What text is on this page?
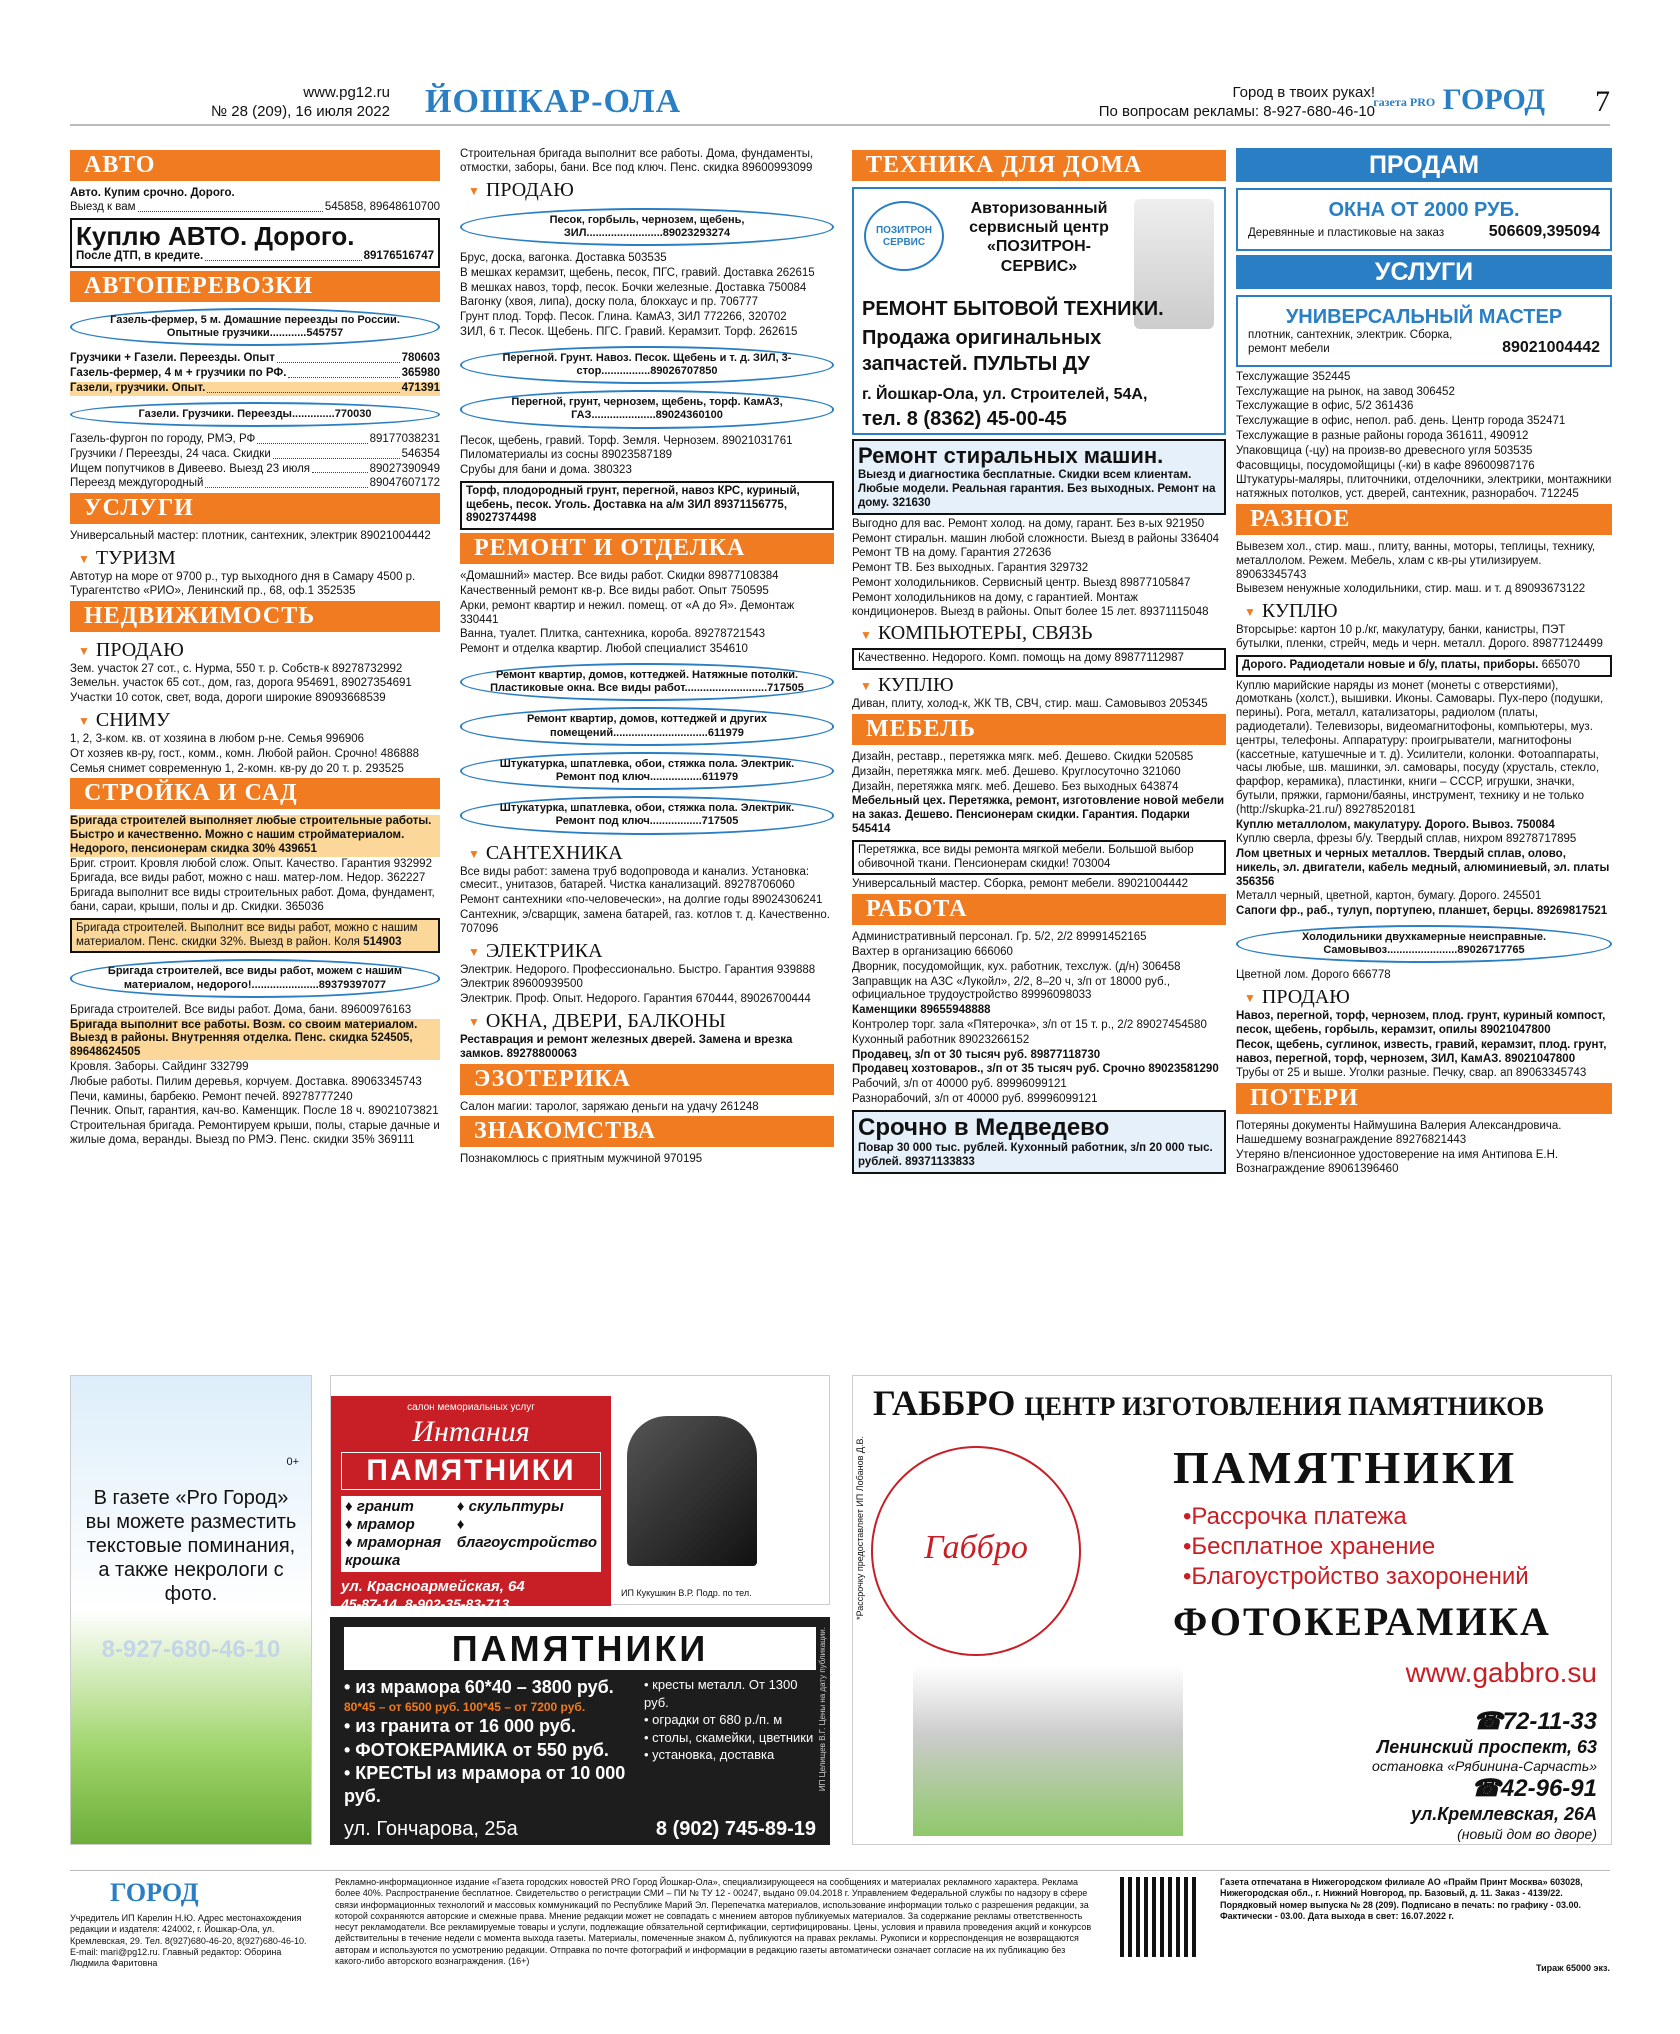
www.pg12.ru
№ 28 (209), 16 июля 2022 ЙОШКАР-ОЛА	Город в твоих руках!
По вопросам рекламы: 8-927-680-46-10
газета PRO ГОРОД 7
АВТО
Авто. Купим срочно. Дорого.
Выезд к вам	545858, 89648610700
Куплю АВТО. Дорого.
После ДТП, в кредите.	89176516747
АВТОПЕРЕВОЗКИ
Газель-фермер, 5 м. Домашние переезды по России. Опытные грузчики............545757
Грузчики + Газели. Переезды. Опыт	780603
Газель-фермер, 4 м + грузчики по РФ.	365980
Газели, грузчики. Опыт.	471391
Газели. Грузчики. Переезды..............770030
Газель-фургон по городу, РМЭ, РФ	89177038231
Грузчики / Переезды, 24 часа. Скидки	546354
Ищем попутчиков в Дивеево. Выезд 23 июля	89027390949
Переезд междугородный	89047607172
УСЛУГИ
Универсальный мастер: плотник, сантехник, электрик 89021004442
▼ ТУРИЗМ
Автотур на море от 9700 р., тур выходного дня в Самару 4500 р. Турагентство «РИО», Ленинский пр., 68, оф.1 352535
НЕДВИЖИМОСТЬ
▼ ПРОДАЮ
Зем. участок 27 сот., с. Нурма, 550 т. р. Собств-к 89278732992
Земельн. участок 65 сот., дом, газ, дорога 954691, 89027354691
Участки 10 соток, свет, вода, дороги широкие 89093668539
▼ СНИМУ
1, 2, 3-ком. кв. от хозяина в любом р-не. Семья 996906
От хозяев кв-ру, гост., комм., комн. Любой район. Срочно! 486888
Семья снимет современную 1, 2-комн. кв-ру до 20 т. р. 293525
СТРОЙКА И САД
Бригада строителей выполняет любые строительные работы. Быстро и качественно. Можно с нашим стройматериалом. Недорого, пенсионерам скидка 30% 439651
Бриг. строит. Кровля любой слож. Опыт. Качество. Гарантия 932992
Бригада, все виды работ, можно с наш. матер-лом. Недор. 362227
Бригада выполнит все виды строительных работ. Дома, фундамент, бани, сараи, крыши, полы и др. Скидки. 365036
Бригада строителей. Выполнит все виды работ, можно с нашим материалом. Пенс. скидки 32%. Выезд в район. Коля 514903
Бригада строителей, все виды работ, можем с нашим материалом, недорого!......................89379397077
Бригада строителей. Все виды работ. Дома, бани. 89600976163
Бригада выполнит все работы. Возм. со своим материалом. Выезд в районы. Внутренняя отделка. Пенс. скидка 524505, 89648624505
Кровля. Заборы. Сайдинг 332799
Любые работы. Пилим деревья, корчуем. Доставка. 89063345743
Печи, камины, барбекю. Ремонт печей. 89278777240
Печник. Опыт, гарантия, кач-во. Каменщик. После 18 ч. 89021073821
Строительная бригада. Ремонтируем крыши, полы, старые дачные и жилые дома, веранды. Выезд по РМЭ. Пенс. скидки 35% 369111
Строительная бригада выполнит все работы. Дома, фундаменты, отмостки, заборы, бани. Все под ключ. Пенс. скидка 89600993099
▼ ПРОДАЮ
Песок, горбыль, чернозем, щебень, ЗИЛ.........................89023293274
Брус, доска, вагонка. Доставка 503535
В мешках керамзит, щебень, песок, ПГС, гравий. Доставка 262615
В мешках навоз, торф, песок. Бочки железные. Доставка 750084
Вагонку (хвоя, липа), доску пола, блокхаус и пр. 706777
Грунт плод. Торф. Песок. Глина. КамАЗ, ЗИЛ 772266, 320702
ЗИЛ, 6 т. Песок. Щебень. ПГС. Гравий. Керамзит. Торф. 262615
Перегной. Грунт. Навоз. Песок. Щебень и т. д. ЗИЛ, 3-стор................89026707850
Перегной, грунт, чернозем, щебень, торф. КамАЗ, ГАЗ.....................89024360100
Песок, щебень, гравий. Торф. Земля. Чернозем. 89021031761
Пиломатериалы из сосны 89023587189
Срубы для бани и дома. 380323
Торф, плодородный грунт, перегной, навоз КРС, куриный, щебень, песок. Уголь. Доставка на а/м ЗИЛ 89371156775, 89027374498
РЕМОНТ И ОТДЕЛКА
«Домашний» мастер. Все виды работ. Скидки 89877108384
Качественный ремонт кв-р. Все виды работ. Опыт 750595
Арки, ремонт квартир и нежил. помещ. от «А до Я». Демонтаж 330441
Ванна, туалет. Плитка, сантехника, короба. 89278721543
Ремонт и отделка квартир. Любой специалист 354610
Ремонт квартир, домов, коттеджей. Натяжные потолки. Пластиковые окна. Все виды работ...........................717505
Ремонт квартир, домов, коттеджей и других помещений...............................611979
Штукатурка, шпатлевка, обои, стяжка пола. Электрик. Ремонт под ключ.................611979
Штукатурка, шпатлевка, обои, стяжка пола. Электрик. Ремонт под ключ.................717505
▼ САНТЕХНИКА
Все виды работ: замена труб водопровода и канализ. Установка: смесит., унитазов, батарей. Чистка канализаций. 89278706060
Ремонт сантехники «по-человечески», на долгие годы 89024306241
Сантехник, э/сварщик, замена батарей, газ. котлов т. д. Качественно. 707096
▼ ЭЛЕКТРИКА
Электрик. Недорого. Профессионально. Быстро. Гарантия 939888
Электрик 89600939500
Электрик. Проф. Опыт. Недорого. Гарантия 670444, 89026700444
▼ ОКНА, ДВЕРИ, БАЛКОНЫ
Реставрация и ремонт железных дверей. Замена и врезка замков. 89278800063
ЭЗОТЕРИКА
Салон магии: таролог, заряжаю деньги на удачу 261248
ЗНАКОМСТВА
Познакомлюсь с приятным мужчиной 970195
ТЕХНИКА ДЛЯ ДОМА
ПОЗИТРОН СЕРВИС
Авторизованный сервисный центр «ПОЗИТРОН-СЕРВИС»
РЕМОНТ БЫТОВОЙ ТЕХНИКИ.
Продажа оригинальных запчастей. ПУЛЬТЫ ДУ
г. Йошкар-Ола, ул. Строителей, 54А,
тел. 8 (8362) 45-00-45
Ремонт стиральных машин.
Выезд и диагностика бесплатные. Скидки всем клиентам. Любые модели. Реальная гарантия. Без выходных. Ремонт на дому. 321630
Выгодно для вас. Ремонт холод. на дому, гарант. Без в-ых 921950
Ремонт стиральн. машин любой сложности. Выезд в районы 336404
Ремонт ТВ на дому. Гарантия 272636
Ремонт ТВ. Без выходных. Гарантия 329732
Ремонт холодильников. Сервисный центр. Выезд 89877105847
Ремонт холодильников на дому, с гарантией. Монтаж кондиционеров. Выезд в районы. Опыт более 15 лет. 89371115048
▼ КОМПЬЮТЕРЫ, СВЯЗЬ
Качественно. Недорого. Комп. помощь на дому 89877112987
▼ КУПЛЮ
Диван, плиту, холод-к, ЖК ТВ, СВЧ, стир. маш. Самовывоз 205345
МЕБЕЛЬ
Дизайн, реставр., перетяжка мягк. меб. Дешево. Скидки 520585
Дизайн, перетяжка мягк. меб. Дешево. Круглосуточно 321060
Дизайн, перетяжка мягк. меб. Дешево. Без выходных 643874
Мебельный цех. Перетяжка, ремонт, изготовление новой мебели на заказ. Дешево. Пенсионерам скидки. Гарантия. Подарки 545414
Перетяжка, все виды ремонта мягкой мебели. Большой выбор обивочной ткани. Пенсионерам скидки! 703004
Универсальный мастер. Сборка, ремонт мебели. 89021004442
РАБОТА
Административный персонал. Гр. 5/2, 2/2 89991452165
Вахтер в организацию 666060
Дворник, посудомойщик, кух. работник, техслуж. (д/н) 306458
Заправщик на АЗС «Лукойл», 2/2, 8–20 ч, з/п от 18000 руб., официальное трудоустройство 89996098033
Каменщики 89655948888
Контролер торг. зала «Пятерочка», з/п от 15 т. р., 2/2 89027454580
Кухонный работник 89023266152
Продавец, з/п от 30 тысяч руб. 89877118730
Продавец хозтоваров., з/п от 35 тысяч руб. Срочно 89023581290
Рабочий, з/п от 40000 руб. 89996099121
Разнорабочий, з/п от 40000 руб. 89996099121
Срочно в Медведево
Повар 30 000 тыс. рублей. Кухонный работник, з/п 20 000 тыс. рублей. 89371133833
ПРОДАМ
ОКНА ОТ 2000 РУБ.
Деревянные и пластиковые на заказ	506609,395094
УСЛУГИ
УНИВЕРСАЛЬНЫЙ МАСТЕР
плотник, сантехник, электрик. Сборка, ремонт мебели	89021004442
Техслужащие 352445
Техслужащие на рынок, на завод 306452
Техслужащие в офис, 5/2 361436
Техслужащие в офис, непол. раб. день. Центр города 352471
Техслужащие в разные районы города 361611, 490912
Упаковщица (-цу) на произв-во древесного угля 503535
Фасовщицы, посудомойщицы (-ки) в кафе 89600987176
Штукатуры-маляры, плиточники, отделочники, электрики, монтажники натяжных потолков, уст. дверей, сантехник, разнорабоч. 712245
РАЗНОЕ
Вывезем хол., стир. маш., плиту, ванны, моторы, теплицы, технику, металлолом. Режем. Мебель, хлам с кв-ры утилизируем. 89063345743
Вывезем ненужные холодильники, стир. маш. и т. д 89093673122
▼ КУПЛЮ
Вторсырье: картон 10 р./кг, макулатуру, банки, канистры, ПЭТ бутылки, пленки, стрейч, медь и черн. металл. Дорого. 89877124499
Дорого. Радиодетали новые и б/у, платы, приборы. 665070
Куплю марийские наряды из монет (монеты с отверстиями), домоткань (холст.), вышивки. Иконы. Самовары. Пух-перо (подушки, перины). Рога, металл, катализаторы, радиолом (платы, радиодетали). Телевизоры, видеомагнитофоны, компьютеры, муз. центры, телефоны. Аппаратуру: проигрыватели, магнитофоны (кассетные, катушечные и т. д). Усилители, колонки. Фотоаппараты, часы любые, шв. машинки, эл. самовары, посуду (хрусталь, стекло, фарфор, керамика), пластинки, книги – СССР, игрушки, значки, бутыли, пряжки, гармони/баяны, инструмент, технику и не только (http://skupka-21.ru/) 89278520181
Куплю металлолом, макулатуру. Дорого. Вывоз. 750084
Куплю сверла, фрезы б/у. Твердый сплав, нихром 89278717895
Лом цветных и черных металлов. Твердый сплав, олово, никель, эл. двигатели, кабель медный, алюминиевый, эл. платы 356356
Металл черный, цветной, картон, бумагу. Дорого. 245501
Сапоги фр., раб., тулуп, портупею, планшет, берцы. 89269817521
Холодильники двухкамерные неисправные. Самовывоз.......................89026717765
Цветной лом. Дорого 666778
▼ ПРОДАЮ
Навоз, перегной, торф, чернозем, плод. грунт, куриный компост, песок, щебень, горбыль, керамзит, опилы 89021047800
Песок, щебень, суглинок, известь, гравий, керамзит, плод. грунт, навоз, перегной, торф, чернозем, ЗИЛ, КамАЗ. 89021047800
Трубы от 25 и выше. Уголки разные. Печку, свар. ап 89063345743
ПОТЕРИ
Потеряны документы Наймушина Валерия Александровича. Нашедшему вознаграждение 89276821443
Утеряно в/пенсионное удостоверение на имя Антипова Е.Н. Вознаграждение 89061396460
0+
В газете «Pro Город» вы можете разместить текстовые поминания, а также некрологи с фото.
8-927-680-46-10
салон мемориальных услуг
Интания
ПАМЯТНИКИ
♦ гранит
♦ мрамор
♦ мраморная крошка
♦ скульптуры
♦ благоустройство
ул. Красноармейская, 64
45-87-14, 8-902-35-83-713
ИП Кукушкин В.Р. Подр. по тел.
ПАМЯТНИКИ
• из мрамора 60*40 – 3800 руб.
80*45 – от 6500 руб. 100*45 – от 7200 руб.
• из гранита от 16 000 руб.
• ФОТОКЕРАМИКА от 550 руб.
• КРЕСТЫ из мрамора от 10 000 руб.
• кресты металл. От 1300 руб.
• оградки от 680 р./п. м
• столы, скамейки, цветники
• установка, доставка
ул. Гончарова, 25а	8 (902) 745-89-19
ИП Целищев В.Г. Цены на дату публикации.
ГАББРО ЦЕНТР ИЗГОТОВЛЕНИЯ ПАМЯТНИКОВ
Габбро
*Рассрочку предоставляет ИП Лобанов Д.В.	ПАМЯТНИКИ
•Рассрочка платежа
•Бесплатное хранение
•Благоустройство захоронений
ФОТОКЕРАМИКА
www.gabbro.su
☎72-11-33
Ленинский проспект, 63
остановка «Рябинина-Сарчасть»
☎42-96-91
ул.Кремлевская, 26А
(новый дом во дворе)
ГОРОД
Учредитель ИП Карелин Н.Ю. Адрес местонахождения редакции и издателя: 424002, г. Йошкар-Ола, ул. Кремлевская, 29. Тел. 8(927)680-46-20, 8(927)680-46-10. E-mail: mari@pg12.ru. Главный редактор: Оборина Людмила Фаритовна
Рекламно-информационное издание «Газета городских новостей PRO Город Йошкар-Ола», специализирующееся на сообщениях и материалах рекламного характера. Реклама более 40%. Распространение бесплатное. Свидетельство о регистрации СМИ – ПИ № ТУ 12 - 00247, выдано 09.04.2018 г. Управлением Федеральной службы по надзору в сфере связи информационных технологий и массовых коммуникаций по Республике Марий Эл. Перепечатка материалов, использование информации только с разрешения редакции, за которой сохраняются авторские и смежные права. Мнение редакции может не совпадать с мнением авторов публикуемых материалов. За содержание рекламы ответственность несут рекламодатели. Все рекламируемые товары и услуги, подлежащие обязательной сертификации, сертифицированы. Цены, условия и правила проведения акций и конкурсов действительны в течение недели с момента выхода газеты. Материалы, помеченные знаком Δ, публикуются на правах рекламы. Рукописи и корреспонденция не возвращаются авторам и используются по усмотрению редакции. Отправка по почте фотографий и информации в редакцию газеты автоматически означает согласие на их публикацию без какого-либо авторского вознаграждения. (16+)
Газета отпечатана в Нижегородском филиале АО «Прайм Принт Москва» 603028, Нижегородская обл., г. Нижний Новгород, пр. Базовый, д. 11. Заказ - 4139/22. Порядковый номер выпуска № 28 (209). Подписано в печать: по графику - 03.00. Фактически - 03.00. Дата выхода в свет: 16.07.2022 г.
Тираж 65000 экз.
